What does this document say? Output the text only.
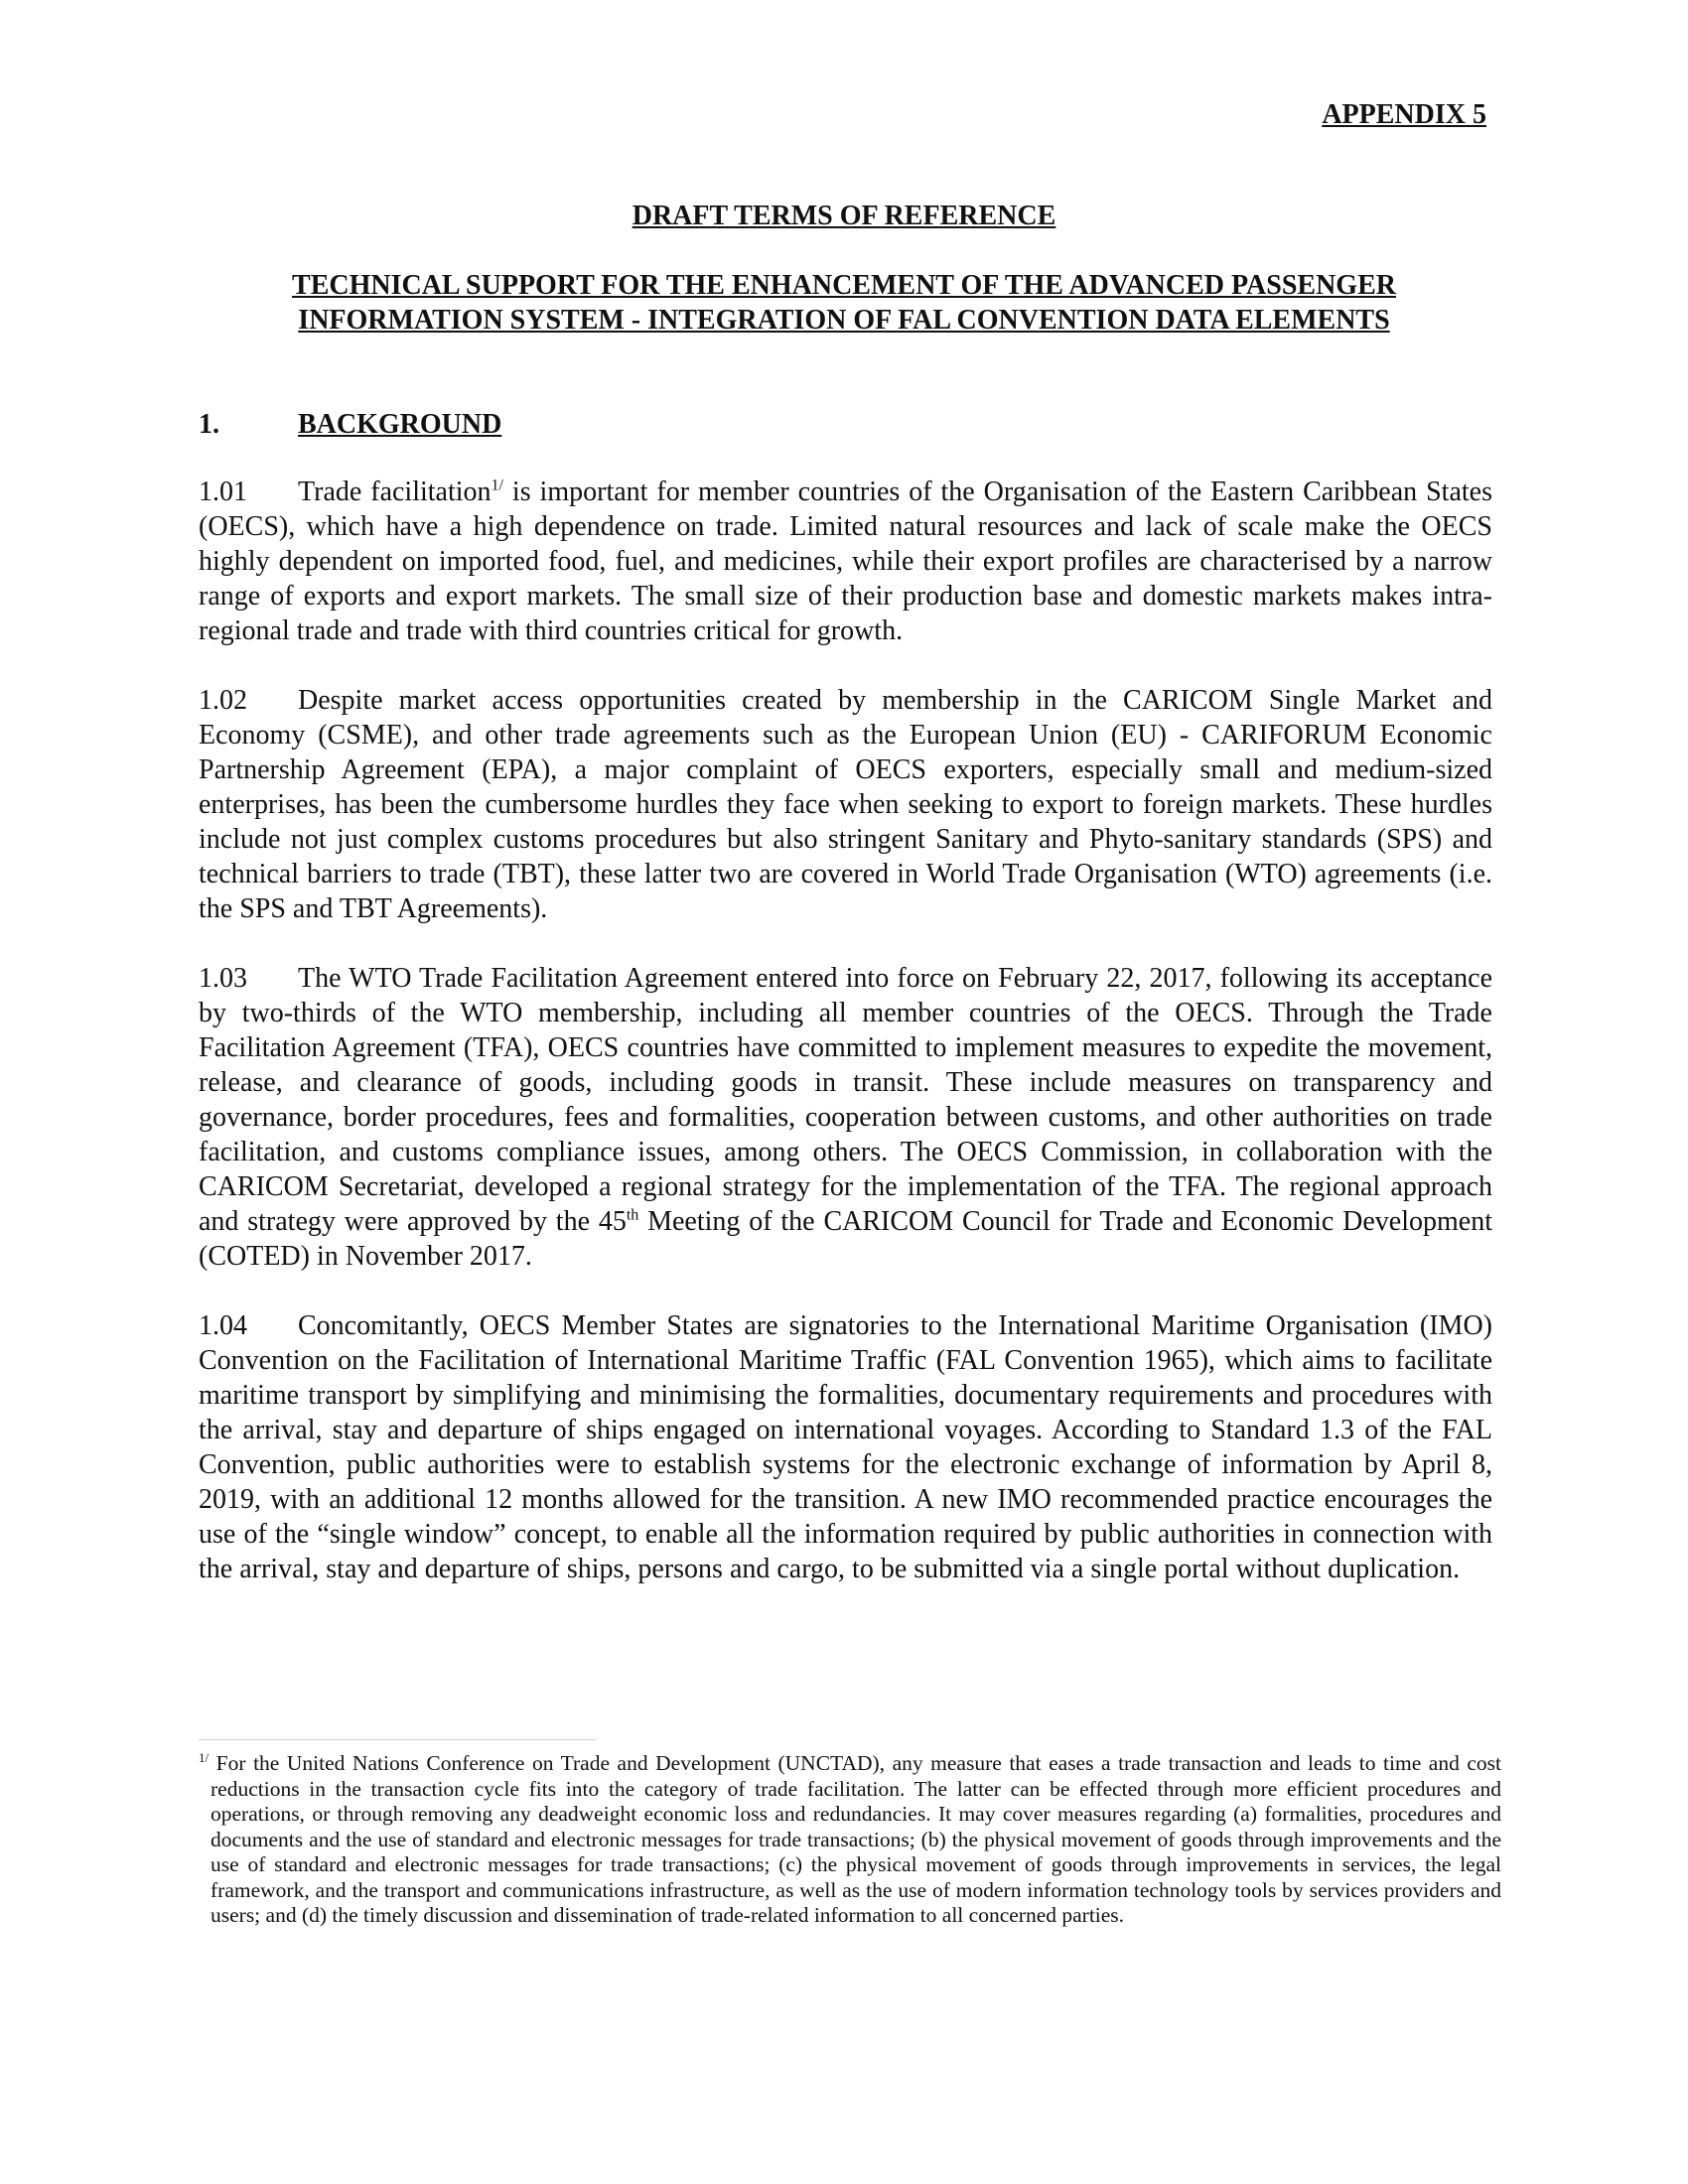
APPENDIX 5

DRAFT TERMS OF REFERENCE

TECHNICAL SUPPORT FOR THE ENHANCEMENT OF THE ADVANCED PASSENGER
INFORMATION SYSTEM - INTEGRATION OF FAL CONVENTION DATA ELEMENTS
1.	BACKGROUND

1.01 Trade facilitation$^{1/}$ is important for member countries of the Organisation of the Eastern Caribbean States (OECS), which have a high dependence on trade. Limited natural resources and lack of scale make the OECS highly dependent on imported food, fuel, and medicines, while their export profiles are characterised by a narrow range of exports and export markets. The small size of their production base and domestic markets makes intra-regional trade and trade with third countries critical for growth.

1.02 Despite market access opportunities created by membership in the CARICOM Single Market and Economy (CSME), and other trade agreements such as the European Union (EU) - CARIFORUM Economic Partnership Agreement (EPA), a major complaint of OECS exporters, especially small and medium-sized enterprises, has been the cumbersome hurdles they face when seeking to export to foreign markets. These hurdles include not just complex customs procedures but also stringent Sanitary and Phyto-sanitary standards (SPS) and technical barriers to trade (TBT), these latter two are covered in World Trade Organisation (WTO) agreements (i.e. the SPS and TBT Agreements).

1.03 The WTO Trade Facilitation Agreement entered into force on February 22, 2017, following its acceptance by two-thirds of the WTO membership, including all member countries of the OECS. Through the Trade Facilitation Agreement (TFA), OECS countries have committed to implement measures to expedite the movement, release, and clearance of goods, including goods in transit. These include measures on transparency and governance, border procedures, fees and formalities, cooperation between customs, and other authorities on trade facilitation, and customs compliance issues, among others. The OECS Commission, in collaboration with the CARICOM Secretariat, developed a regional strategy for the implementation of the TFA. The regional approach and strategy were approved by the 45th Meeting of the CARICOM Council for Trade and Economic Development (COTED) in November 2017.

1.04 Concomitantly, OECS Member States are signatories to the International Maritime Organisation (IMO) Convention on the Facilitation of International Maritime Traffic (FAL Convention 1965), which aims to facilitate maritime transport by simplifying and minimising the formalities, documentary requirements and procedures with the arrival, stay and departure of ships engaged on international voyages. According to Standard 1.3 of the FAL Convention, public authorities were to establish systems for the electronic exchange of information by April 8, 2019, with an additional 12 months allowed for the transition. A new IMO recommended practice encourages the use of the “single window” concept, to enable all the information required by public authorities in connection with the arrival, stay and departure of ships, persons and cargo, to be submitted via a single portal without duplication.

$^{1/}$ For the United Nations Conference on Trade and Development (UNCTAD), any measure that eases a trade transaction and leads to time and cost reductions in the transaction cycle fits into the category of trade facilitation. The latter can be effected through more efficient procedures and operations, or through removing any deadweight economic loss and redundancies. It may cover measures regarding (a) formalities, procedures and documents and the use of standard and electronic messages for trade transactions; (b) the physical movement of goods through improvements and the use of standard and electronic messages for trade transactions; (c) the physical movement of goods through improvements in services, the legal framework, and the transport and communications infrastructure, as well as the use of modern information technology tools by services providers and users; and (d) the timely discussion and dissemination of trade-related information to all concerned parties.
